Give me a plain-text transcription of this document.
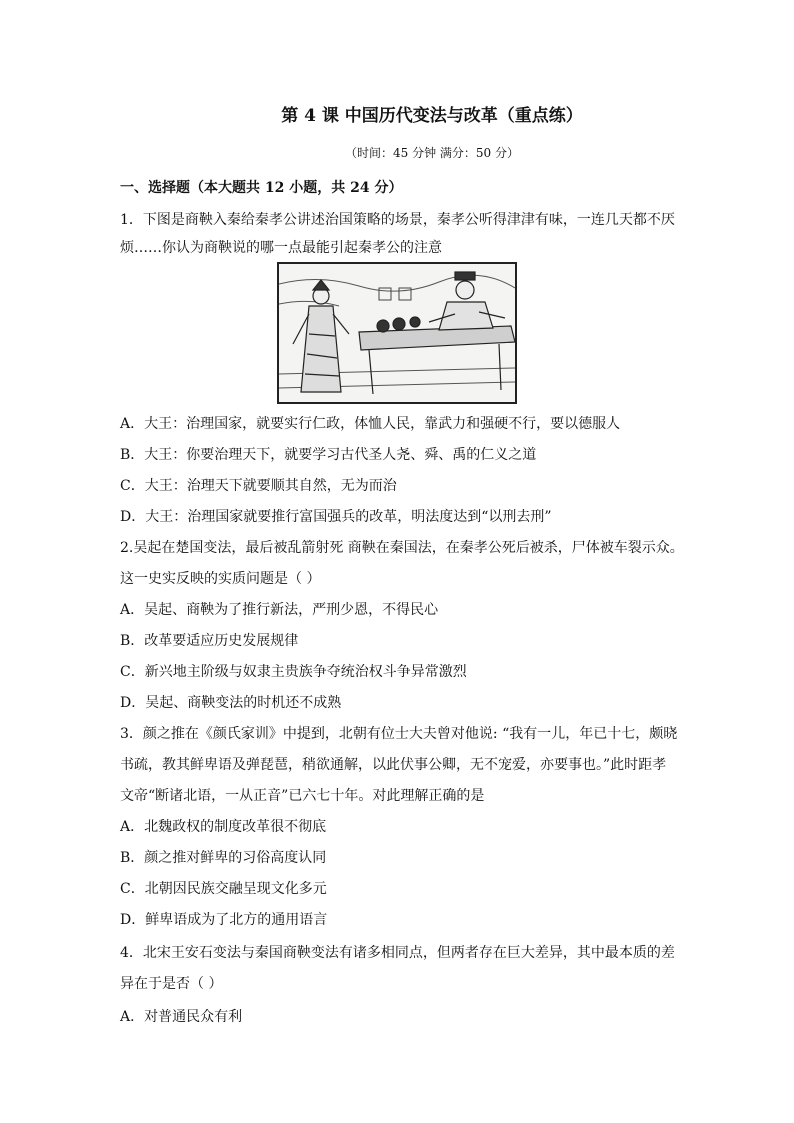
第 4 课 中国历代变法与改革（重点练）
（时间：45 分钟 满分：50 分）
一、选择题（本大题共 12 小题，共 24 分）
1．下图是商鞅入秦给秦孝公讲述治国策略的场景，秦孝公听得津津有味，一连几天都不厌
烦……你认为商鞅说的哪一点最能引起秦孝公的注意
A．大王：治理国家，就要实行仁政，体恤人民，靠武力和强硬不行，要以德服人
B．大王：你要治理天下，就要学习古代圣人尧、舜、禹的仁义之道
C．大王：治理天下就要顺其自然，无为而治
D．大王：治理国家就要推行富国强兵的改革，明法度达到“以刑去刑”
2.吴起在楚国变法，最后被乱箭射死 商鞅在秦国法，在秦孝公死后被杀，尸体被车裂示众。
这一史实反映的实质问题是（ ）
A．吴起、商鞅为了推行新法，严刑少恩，不得民心
B．改革要适应历史发展规律
C．新兴地主阶级与奴隶主贵族争夺统治权斗争异常激烈
D．吴起、商鞅变法的时机还不成熟
3．颜之推在《颜氏家训》中提到，北朝有位士大夫曾对他说: “我有一儿，年已十七，颇晓
书疏，教其鲜卑语及弹琵琶，稍欲通解，以此伏事公卿，无不宠爱，亦要事也。”此时距孝
文帝“断诸北语，一从正音”已六七十年。对此理解正确的是
A．北魏政权的制度改革很不彻底
B．颜之推对鲜卑的习俗高度认同
C．北朝因民族交融呈现文化多元
D．鲜卑语成为了北方的通用语言
4．北宋王安石变法与秦国商鞅变法有诸多相同点，但两者存在巨大差异，其中最本质的差
异在于是否（ ）
A．对普通民众有利
